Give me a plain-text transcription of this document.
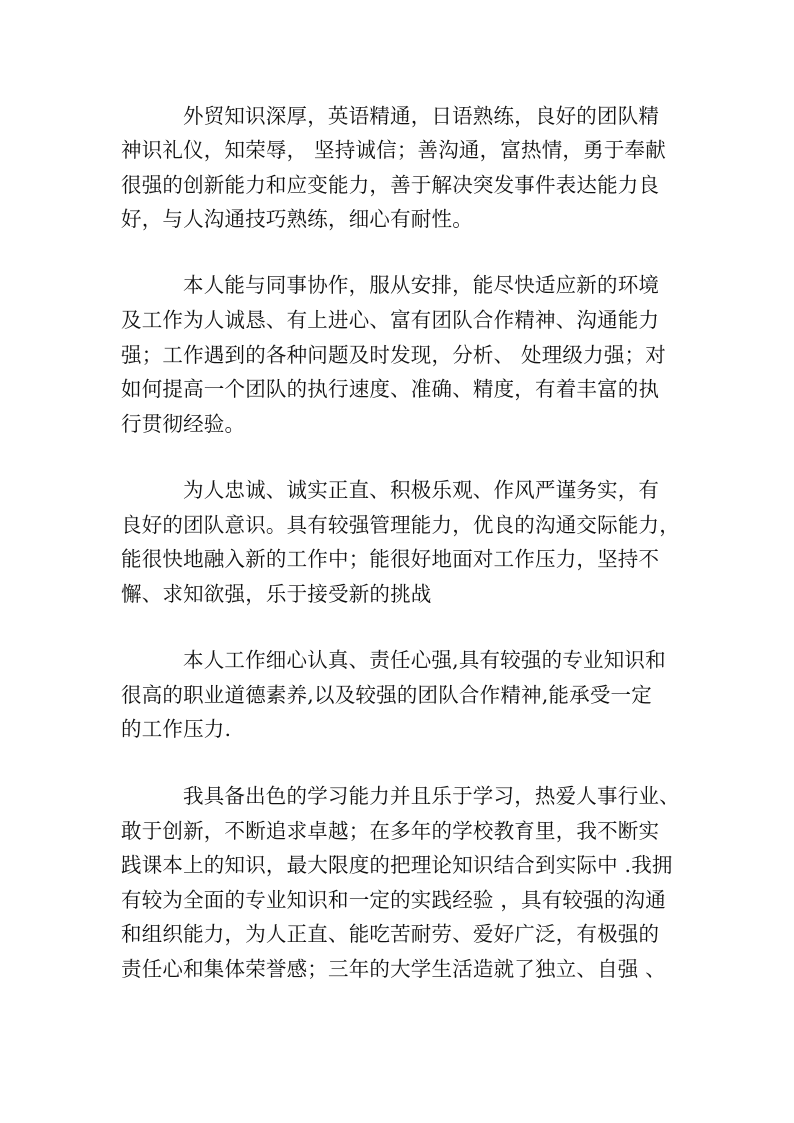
外贸知识深厚，英语精通，日语熟练，良好的团队精
神识礼仪，知荣辱， 坚持诚信；善沟通，富热情，勇于奉献
很强的创新能力和应变能力，善于解决突发事件表达能力良
好，与人沟通技巧熟练，细心有耐性。
本人能与同事协作，服从安排，能尽快适应新的环境
及工作为人诚恳、有上进心、富有团队合作精神、沟通能力
强；工作遇到的各种问题及时发现，分析、 处理级力强；对
如何提高一个团队的执行速度、准确、精度，有着丰富的执
行贯彻经验。
为人忠诚、诚实正直、积极乐观、作风严谨务实，有
良好的团队意识。具有较强管理能力，优良的沟通交际能力，
能很快地融入新的工作中；能很好地面对工作压力，坚持不
懈、求知欲强，乐于接受新的挑战
本人工作细心认真、责任心强,具有较强的专业知识和
很高的职业道德素养,以及较强的团队合作精神,能承受一定
的工作压力.
我具备出色的学习能力并且乐于学习，热爱人事行业、
敢于创新，不断追求卓越；在多年的学校教育里，我不断实
践课本上的知识，最大限度的把理论知识结合到实际中 .我拥
有较为全面的专业知识和一定的实践经验 ，具有较强的沟通
和组织能力，为人正直、能吃苦耐劳、爱好广泛，有极强的
责任心和集体荣誉感；三年的大学生活造就了独立、自强 、
